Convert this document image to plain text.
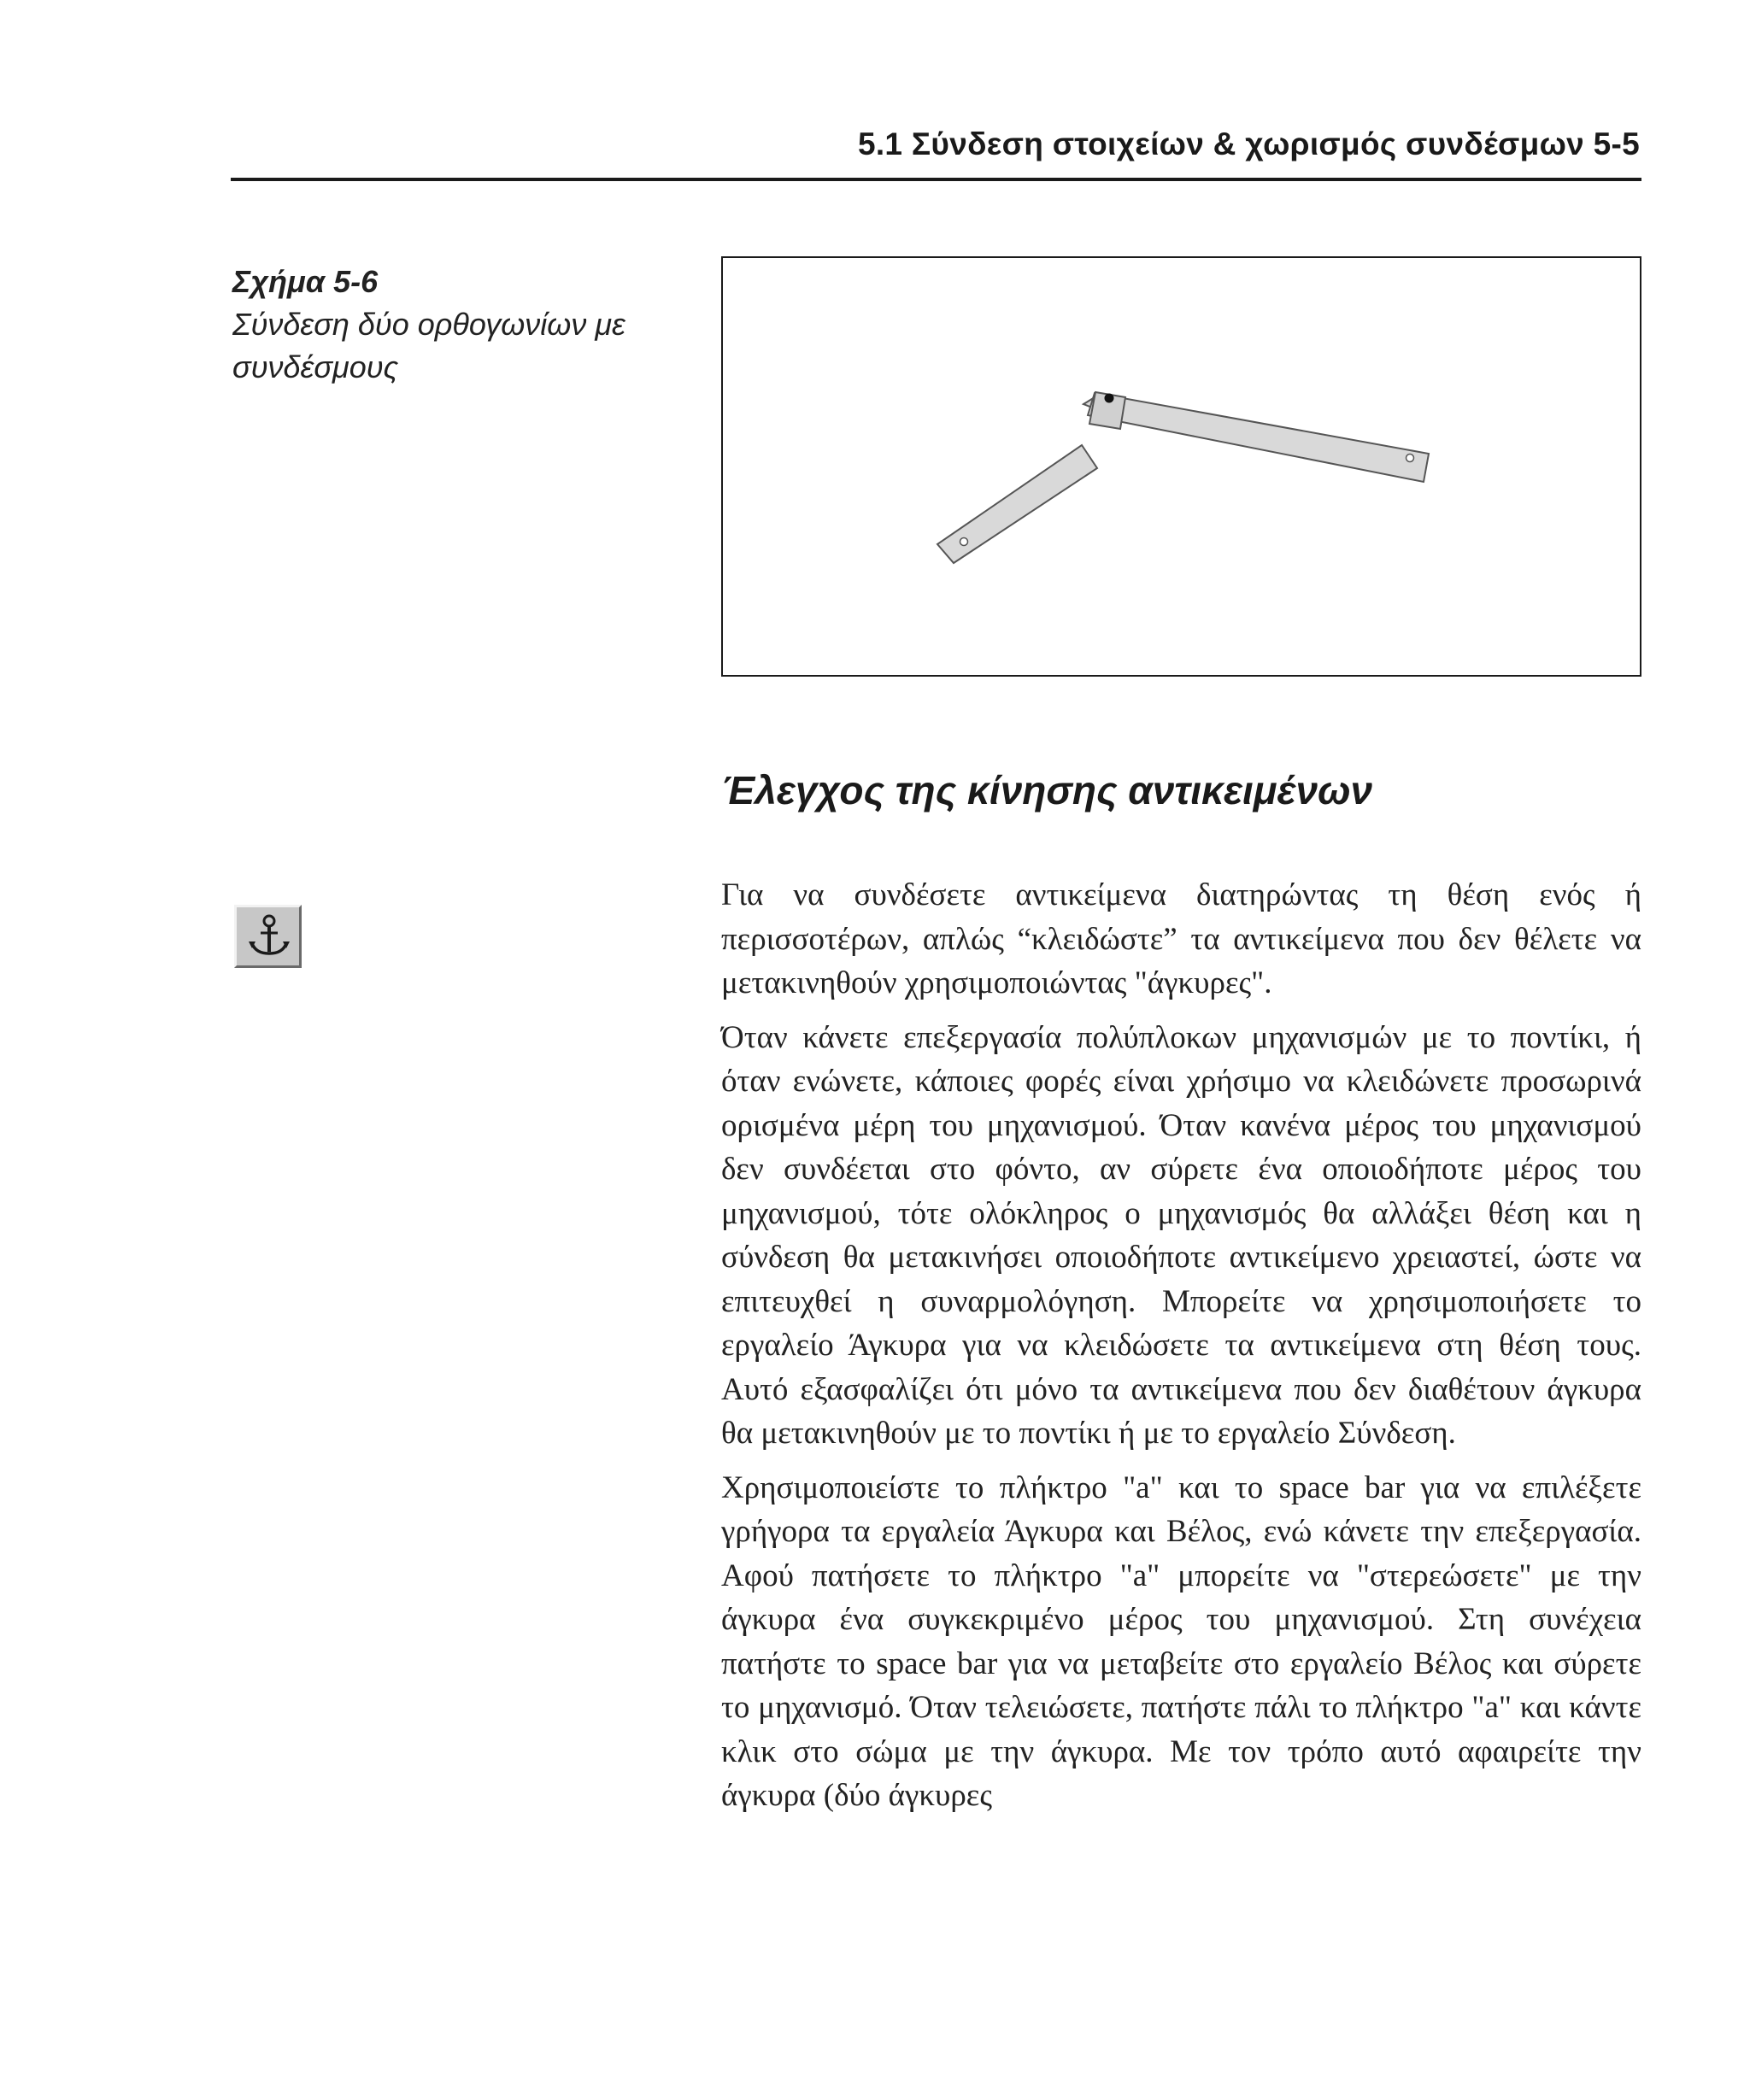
5.1 Σύνδεση στοιχείων & χωρισμός συνδέσμων 5-5
Σχήμα 5-6
Σύνδεση δύο ορθογωνίων με συνδέσμους
Έλεγχος της κίνησης αντικειμένων

Για να συνδέσετε αντικείμενα διατηρώντας τη θέση ενός ή περισσοτέρων, απλώς “κλειδώστε” τα αντικείμενα που δεν θέλετε να μετακινηθούν χρησιμοποιώντας "άγκυρες".

Όταν κάνετε επεξεργασία πολύπλοκων μηχανισμών με το ποντίκι, ή όταν ενώνετε, κάποιες φορές είναι χρήσιμο να κλειδώνετε προσωρινά ορισμένα μέρη του μηχανισμού. Όταν κανένα μέρος του μηχανισμού δεν συνδέεται στο φόντο, αν σύρετε ένα οποιοδήποτε μέρος του μηχανισμού, τότε ολόκληρος ο μηχανισμός θα αλλάξει θέση και η σύνδεση θα μετακινήσει οποιοδήποτε αντικείμενο χρειαστεί, ώστε να επιτευχθεί η συναρμολόγηση. Μπορείτε να χρησιμοποιήσετε το εργαλείο Άγκυρα για να κλειδώσετε τα αντικείμενα στη θέση τους. Αυτό εξασφαλίζει ότι μόνο τα αντικείμενα που δεν διαθέτουν άγκυρα θα μετακινηθούν με το ποντίκι ή με το εργαλείο Σύνδεση.

Χρησιμοποιείστε το πλήκτρο "a" και το space bar για να επιλέξετε γρήγορα τα εργαλεία Άγκυρα και Βέλος, ενώ κάνετε την επεξεργασία. Αφού πατήσετε το πλήκτρο "a" μπορείτε να "στερεώσετε" με την άγκυρα ένα συγκεκριμένο μέρος του μηχανισμού. Στη συνέχεια πατήστε το space bar για να μεταβείτε στο εργαλείο Βέλος και σύρετε το μηχανισμό. Όταν τελειώσετε, πατήστε πάλι το πλήκτρο "a" και κάντε κλικ στο σώμα με την άγκυρα. Με τον τρόπο αυτό αφαιρείτε την άγκυρα (δύο άγκυρες
